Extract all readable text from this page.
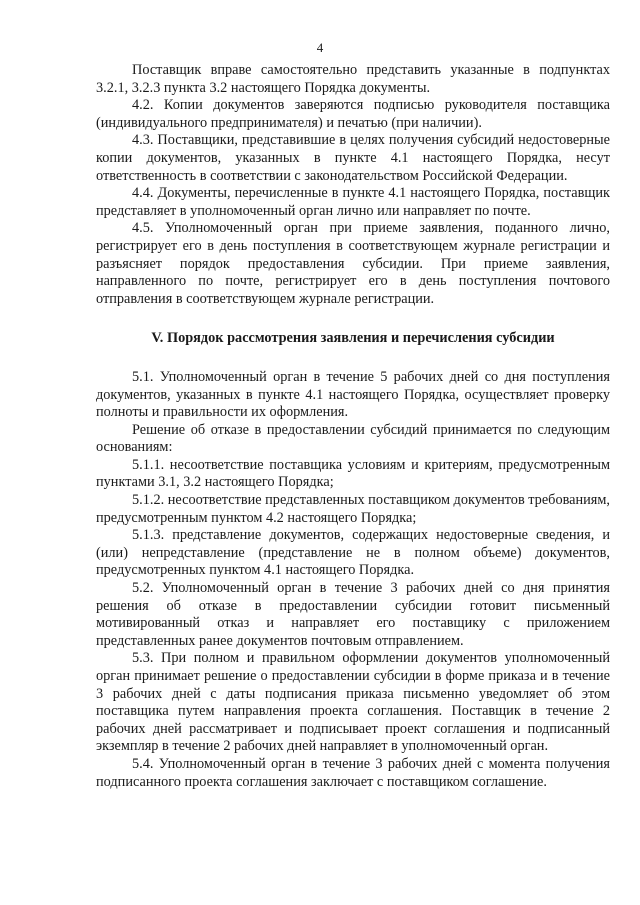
4

Поставщик вправе самостоятельно представить указанные в подпунктах 3.2.1, 3.2.3 пункта 3.2 настоящего Порядка документы.

4.2. Копии документов заверяются подписью руководителя поставщика (индивидуального предпринимателя) и печатью (при наличии).

4.3. Поставщики, представившие в целях получения субсидий недостоверные копии документов, указанных в пункте 4.1 настоящего Порядка, несут ответственность в соответствии с законодательством Российской Федерации.

4.4. Документы, перечисленные в пункте 4.1 настоящего Порядка, поставщик представляет в уполномоченный орган лично или направляет по почте.

4.5. Уполномоченный орган при приеме заявления, поданного лично, регистрирует его в день поступления в соответствующем журнале регистрации и разъясняет порядок предоставления субсидии. При приеме заявления, направленного по почте, регистрирует его в день поступления почтового отправления в соответствующем журнале регистрации.

V. Порядок рассмотрения заявления и перечисления субсидии

5.1. Уполномоченный орган в течение 5 рабочих дней со дня поступления документов, указанных в пункте 4.1 настоящего Порядка, осуществляет проверку полноты и правильности их оформления.

Решение об отказе в предоставлении субсидий принимается по следующим основаниям:

5.1.1. несоответствие поставщика условиям и критериям, предусмотренным пунктами 3.1, 3.2 настоящего Порядка;

5.1.2. несоответствие представленных поставщиком документов требованиям, предусмотренным пунктом 4.2 настоящего Порядка;

5.1.3. представление документов, содержащих недостоверные сведения, и (или) непредставление (представление не в полном объеме) документов, предусмотренных пунктом 4.1 настоящего Порядка.

5.2. Уполномоченный орган в течение 3 рабочих дней со дня принятия решения об отказе в предоставлении субсидии готовит письменный мотивированный отказ и направляет его поставщику с приложением представленных ранее документов почтовым отправлением.

5.3. При полном и правильном оформлении документов уполномоченный орган принимает решение о предоставлении субсидии в форме приказа и в течение 3 рабочих дней с даты подписания приказа письменно уведомляет об этом поставщика путем направления проекта соглашения. Поставщик в течение 2 рабочих дней рассматривает и подписывает проект соглашения и подписанный экземпляр в течение 2 рабочих дней направляет в уполномоченный орган.

5.4. Уполномоченный орган в течение 3 рабочих дней с момента получения подписанного проекта соглашения заключает с поставщиком соглашение.
